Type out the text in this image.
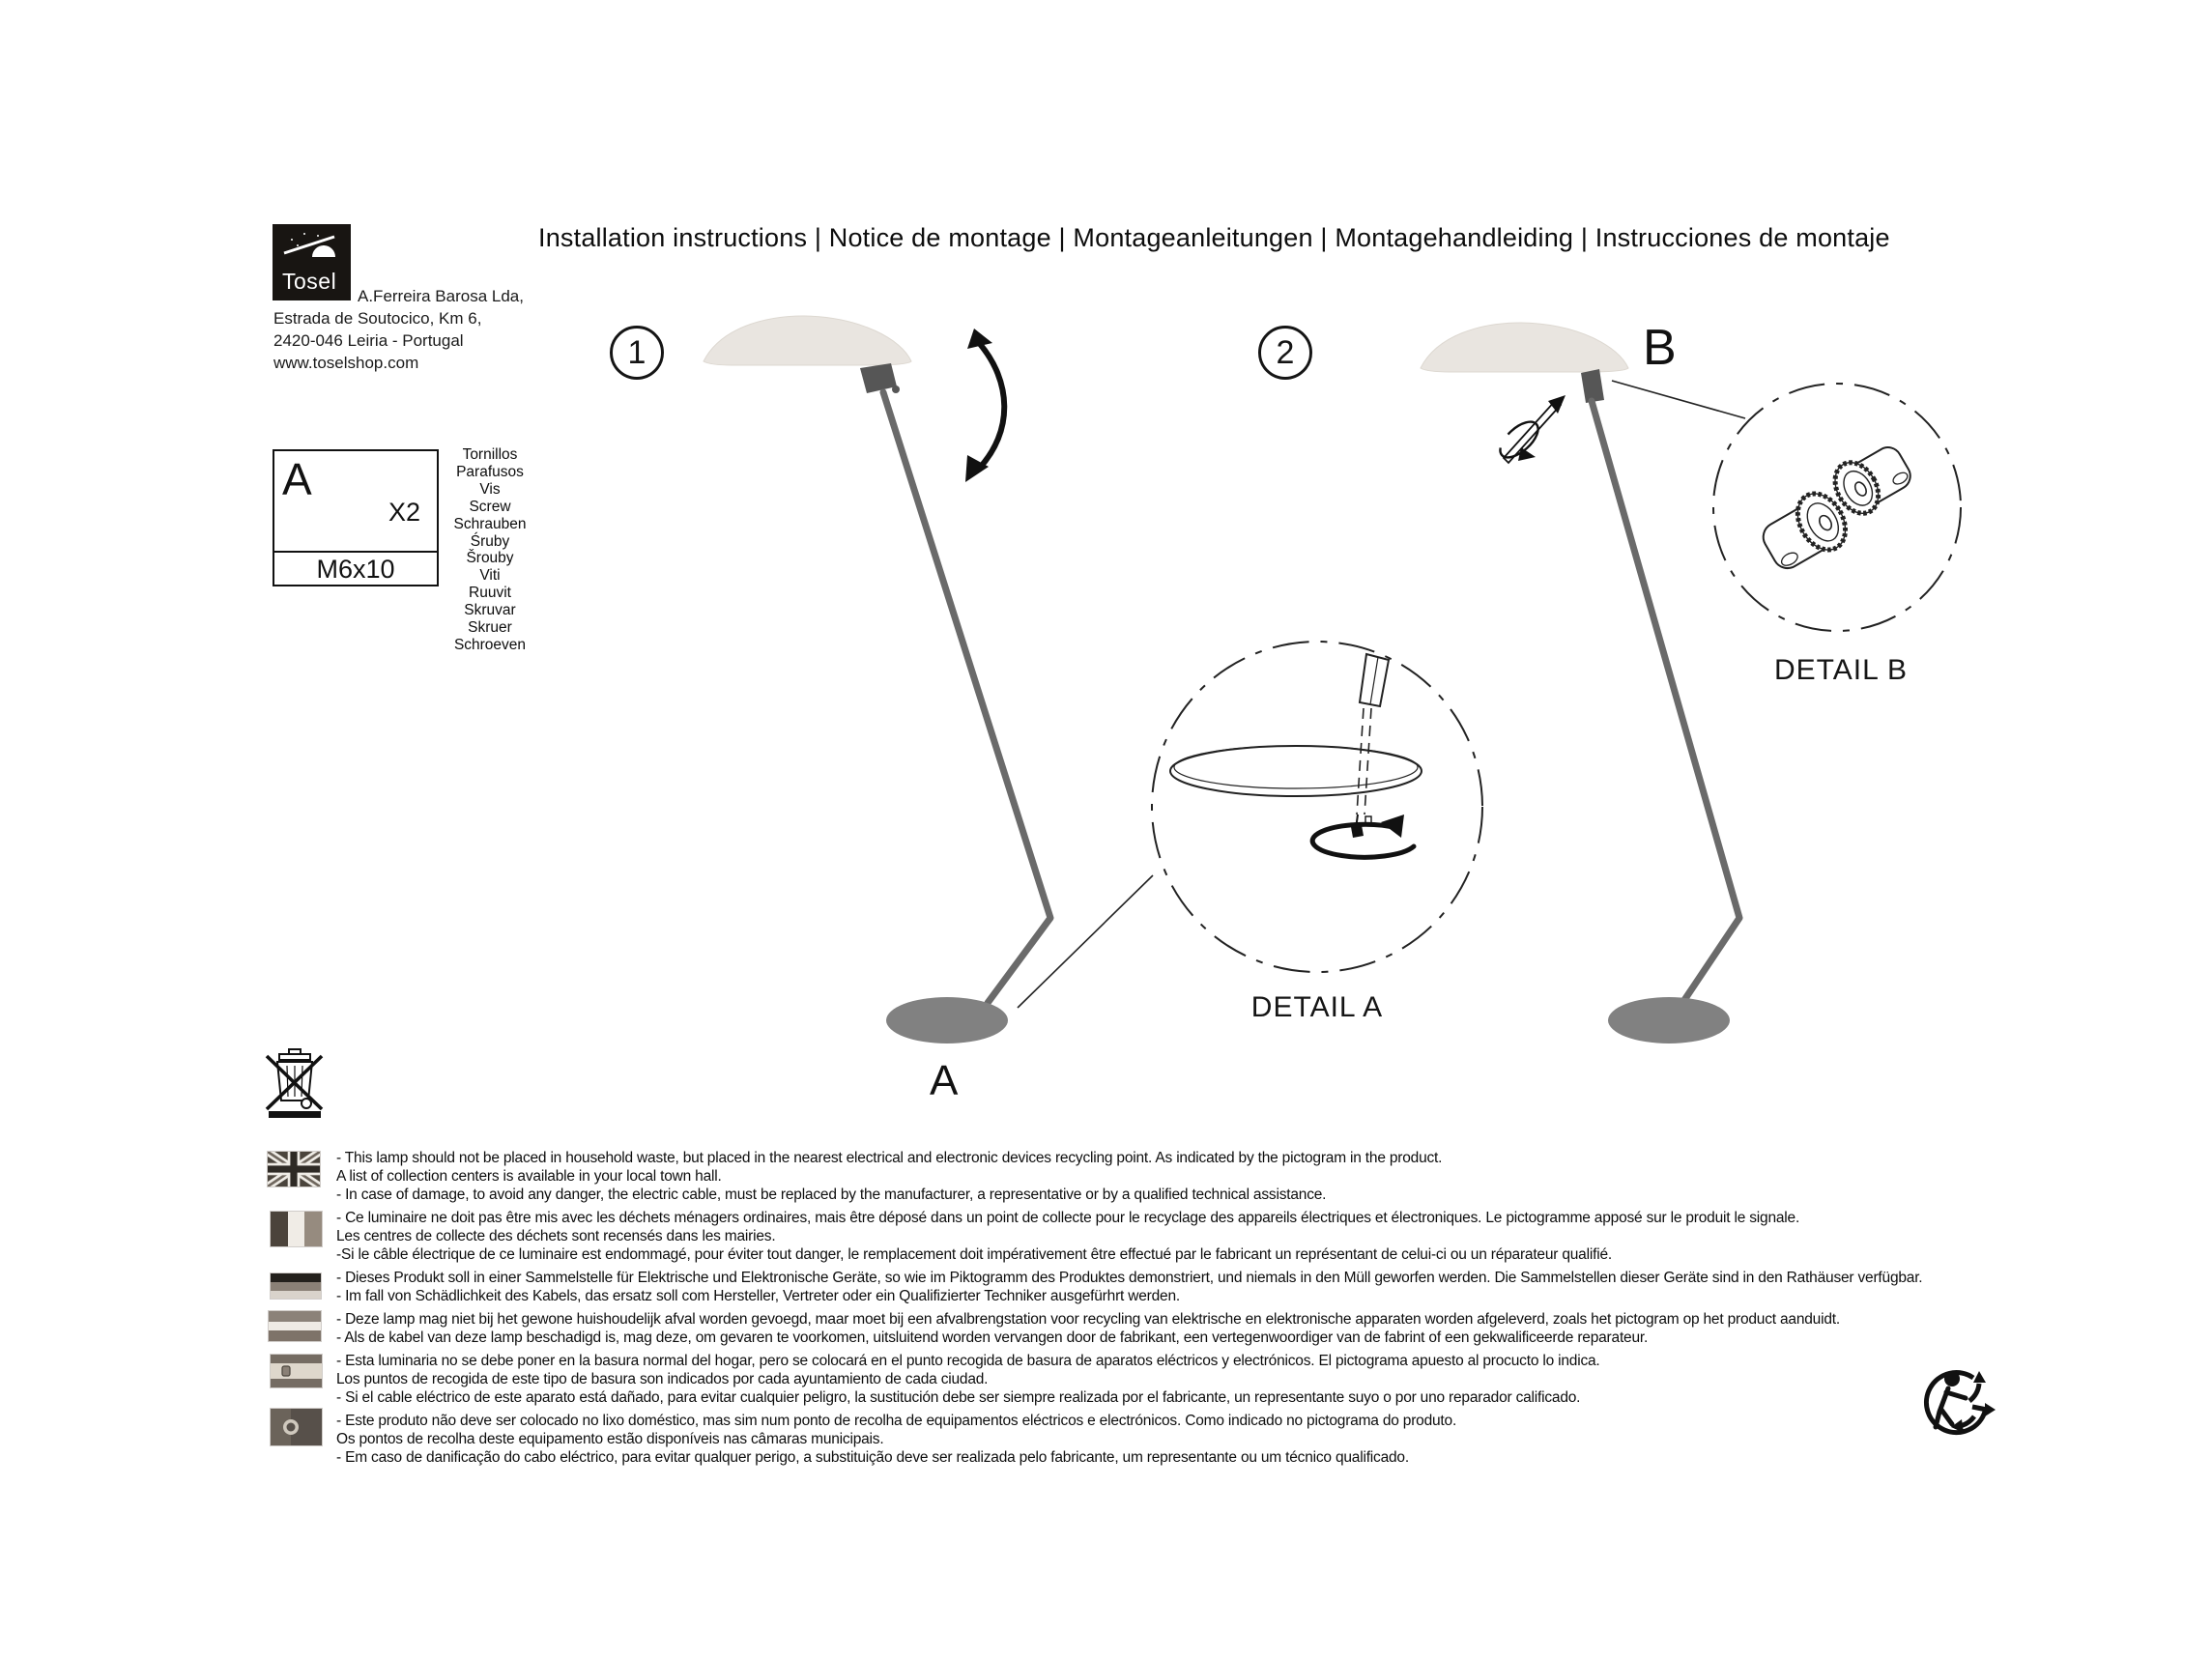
Installation instructions | Notice de montage | Montageanleitungen | Montagehandleiding | Instrucciones de montaje
Tosel
A.Ferreira Barosa Lda,
Estrada de Soutocico, Km 6,
2420-046 Leiria - Portugal
www.toselshop.com
A
X2
M6x10
Tornillos
Parafusos
Vis
Screw
Schrauben
Śruby
Šrouby
Viti
Ruuvit
Skruvar
Skruer
Schroeven
1	2
A
B
DETAIL A
DETAIL B
- This lamp should not be placed in household waste, but placed in the nearest electrical and electronic devices recycling point. As indicated by the pictogram in the product.
A list of collection centers is available in your local town hall.
- In case of damage, to avoid any danger, the electric cable, must be replaced by the manufacturer, a representative or by a qualified technical assistance.
- Ce luminaire ne doit pas être mis avec les déchets ménagers ordinaires, mais être déposé dans un point de collecte pour le recyclage des appareils électriques et électroniques. Le pictogramme apposé sur le produit le signale.
Les centres de collecte des déchets sont recensés dans les mairies.
-Si le câble électrique de ce luminaire est endommagé, pour éviter tout danger, le remplacement doit impérativement être effectué par le fabricant un représentant de celui-ci ou un réparateur qualifié.
- Dieses Produkt soll in einer Sammelstelle für Elektrische und Elektronische Geräte, so wie im Piktogramm des Produktes demonstriert, und niemals in den Müll geworfen werden. Die Sammelstellen dieser Geräte sind in den Rathäuser verfügbar.
- Im fall von Schädlichkeit des Kabels, das ersatz soll com Hersteller, Vertreter oder ein Qualifizierter Techniker ausgefürhrt werden.
- Deze lamp mag niet bij het gewone huishoudelijk afval worden gevoegd, maar moet bij een afvalbrengstation voor recycling van elektrische en elektronische apparaten worden afgeleverd, zoals het pictogram op het product aanduidt.
- Als de kabel van deze lamp beschadigd is, mag deze, om gevaren te voorkomen, uitsluitend worden vervangen door de fabrikant, een vertegenwoordiger van de fabrint of een gekwalificeerde reparateur.
- Esta luminaria no se debe poner en la basura normal del hogar, pero se colocará en el punto recogida de basura de aparatos eléctricos y electrónicos. El pictograma apuesto al procucto lo indica.
Los puntos de recogida de este tipo de basura son indicados por cada ayuntamiento de cada ciudad.
- Si el cable eléctrico de este aparato está dañado, para evitar cualquier peligro, la sustitución debe ser siempre realizada por el fabricante, un representante suyo o por uno reparador calificado.
- Este produto não deve ser colocado no lixo doméstico, mas sim num ponto de recolha de equipamentos eléctricos e electrónicos. Como indicado no pictograma do produto.
Os pontos de recolha deste equipamento estão disponíveis nas câmaras municipais.
- Em caso de danificação do cabo eléctrico, para evitar qualquer perigo, a substituição deve ser realizada pelo fabricante, um representante ou um técnico qualificado.
